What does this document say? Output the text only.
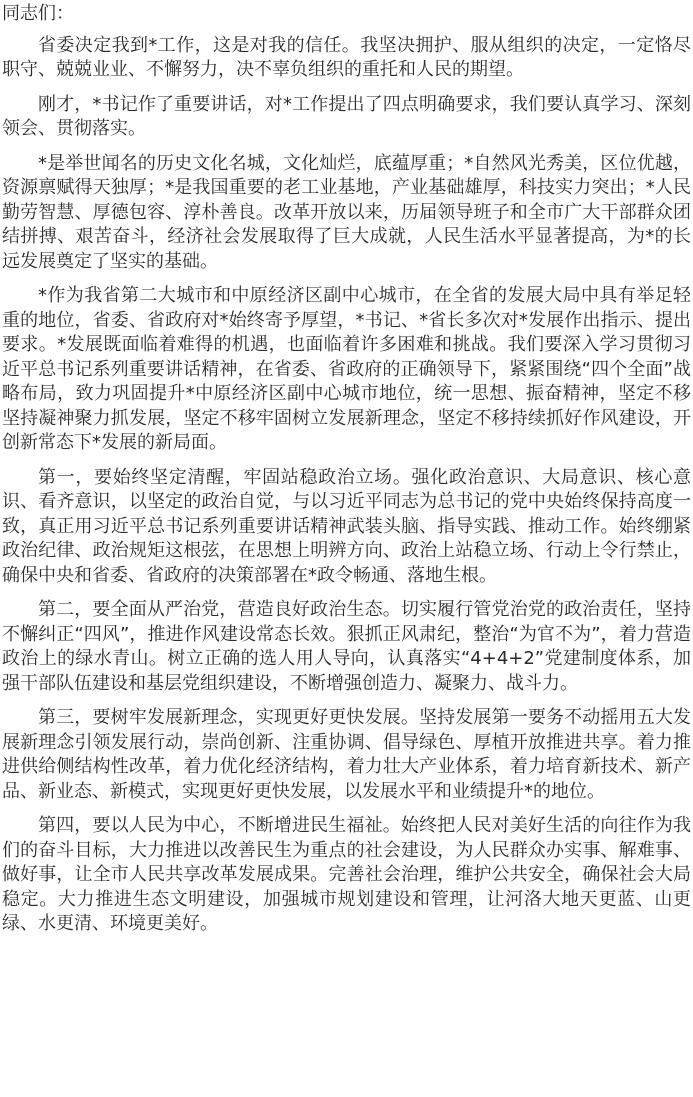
同志们：

省委决定我到*工作，这是对我的信任。我坚决拥护、服从组织的决定，一定恪尽职守、兢兢业业、不懈努力，决不辜负组织的重托和人民的期望。

刚才，*书记作了重要讲话，对*工作提出了四点明确要求，我们要认真学习、深刻领会、贯彻落实。

*是举世闻名的历史文化名城，文化灿烂，底蕴厚重；*自然风光秀美，区位优越，资源禀赋得天独厚；*是我国重要的老工业基地，产业基础雄厚，科技实力突出；*人民勤劳智慧、厚德包容、淳朴善良。改革开放以来，历届领导班子和全市广大干部群众团结拼搏、艰苦奋斗，经济社会发展取得了巨大成就，人民生活水平显著提高，为*的长远发展奠定了坚实的基础。

*作为我省第二大城市和中原经济区副中心城市，在全省的发展大局中具有举足轻重的地位，省委、省政府对*始终寄予厚望，*书记、*省长多次对*发展作出指示、提出要求。*发展既面临着难得的机遇，也面临着许多困难和挑战。我们要深入学习贯彻习近平总书记系列重要讲话精神，在省委、省政府的正确领导下，紧紧围绕“四个全面”战略布局，致力巩固提升*中原经济区副中心城市地位，统一思想、振奋精神，坚定不移坚持凝神聚力抓发展，坚定不移牢固树立发展新理念，坚定不移持续抓好作风建设，开创新常态下*发展的新局面。

第一，要始终坚定清醒，牢固站稳政治立场。强化政治意识、大局意识、核心意识、看齐意识，以坚定的政治自觉，与以习近平同志为总书记的党中央始终保持高度一致，真正用习近平总书记系列重要讲话精神武装头脑、指导实践、推动工作。始终绷紧政治纪律、政治规矩这根弦，在思想上明辨方向、政治上站稳立场、行动上令行禁止，确保中央和省委、省政府的决策部署在*政令畅通、落地生根。

第二，要全面从严治党，营造良好政治生态。切实履行管党治党的政治责任，坚持不懈纠正“四风”，推进作风建设常态长效。狠抓正风肃纪，整治“为官不为”，着力营造政治上的绿水青山。树立正确的选人用人导向，认真落实“4+4+2”党建制度体系，加强干部队伍建设和基层党组织建设，不断增强创造力、凝聚力、战斗力。

第三，要树牢发展新理念，实现更好更快发展。坚持发展第一要务不动摇用五大发展新理念引领发展行动，崇尚创新、注重协调、倡导绿色、厚植开放推进共享。着力推进供给侧结构性改革，着力优化经济结构，着力壮大产业体系，着力培育新技术、新产品、新业态、新模式，实现更好更快发展，以发展水平和业绩提升*的地位。

第四，要以人民为中心，不断增进民生福祉。始终把人民对美好生活的向往作为我们的奋斗目标，大力推进以改善民生为重点的社会建设，为人民群众办实事、解难事、做好事，让全市人民共享改革发展成果。完善社会治理，维护公共安全，确保社会大局稳定。大力推进生态文明建设，加强城市规划建设和管理，让河洛大地天更蓝、山更绿、水更清、环境更美好。
